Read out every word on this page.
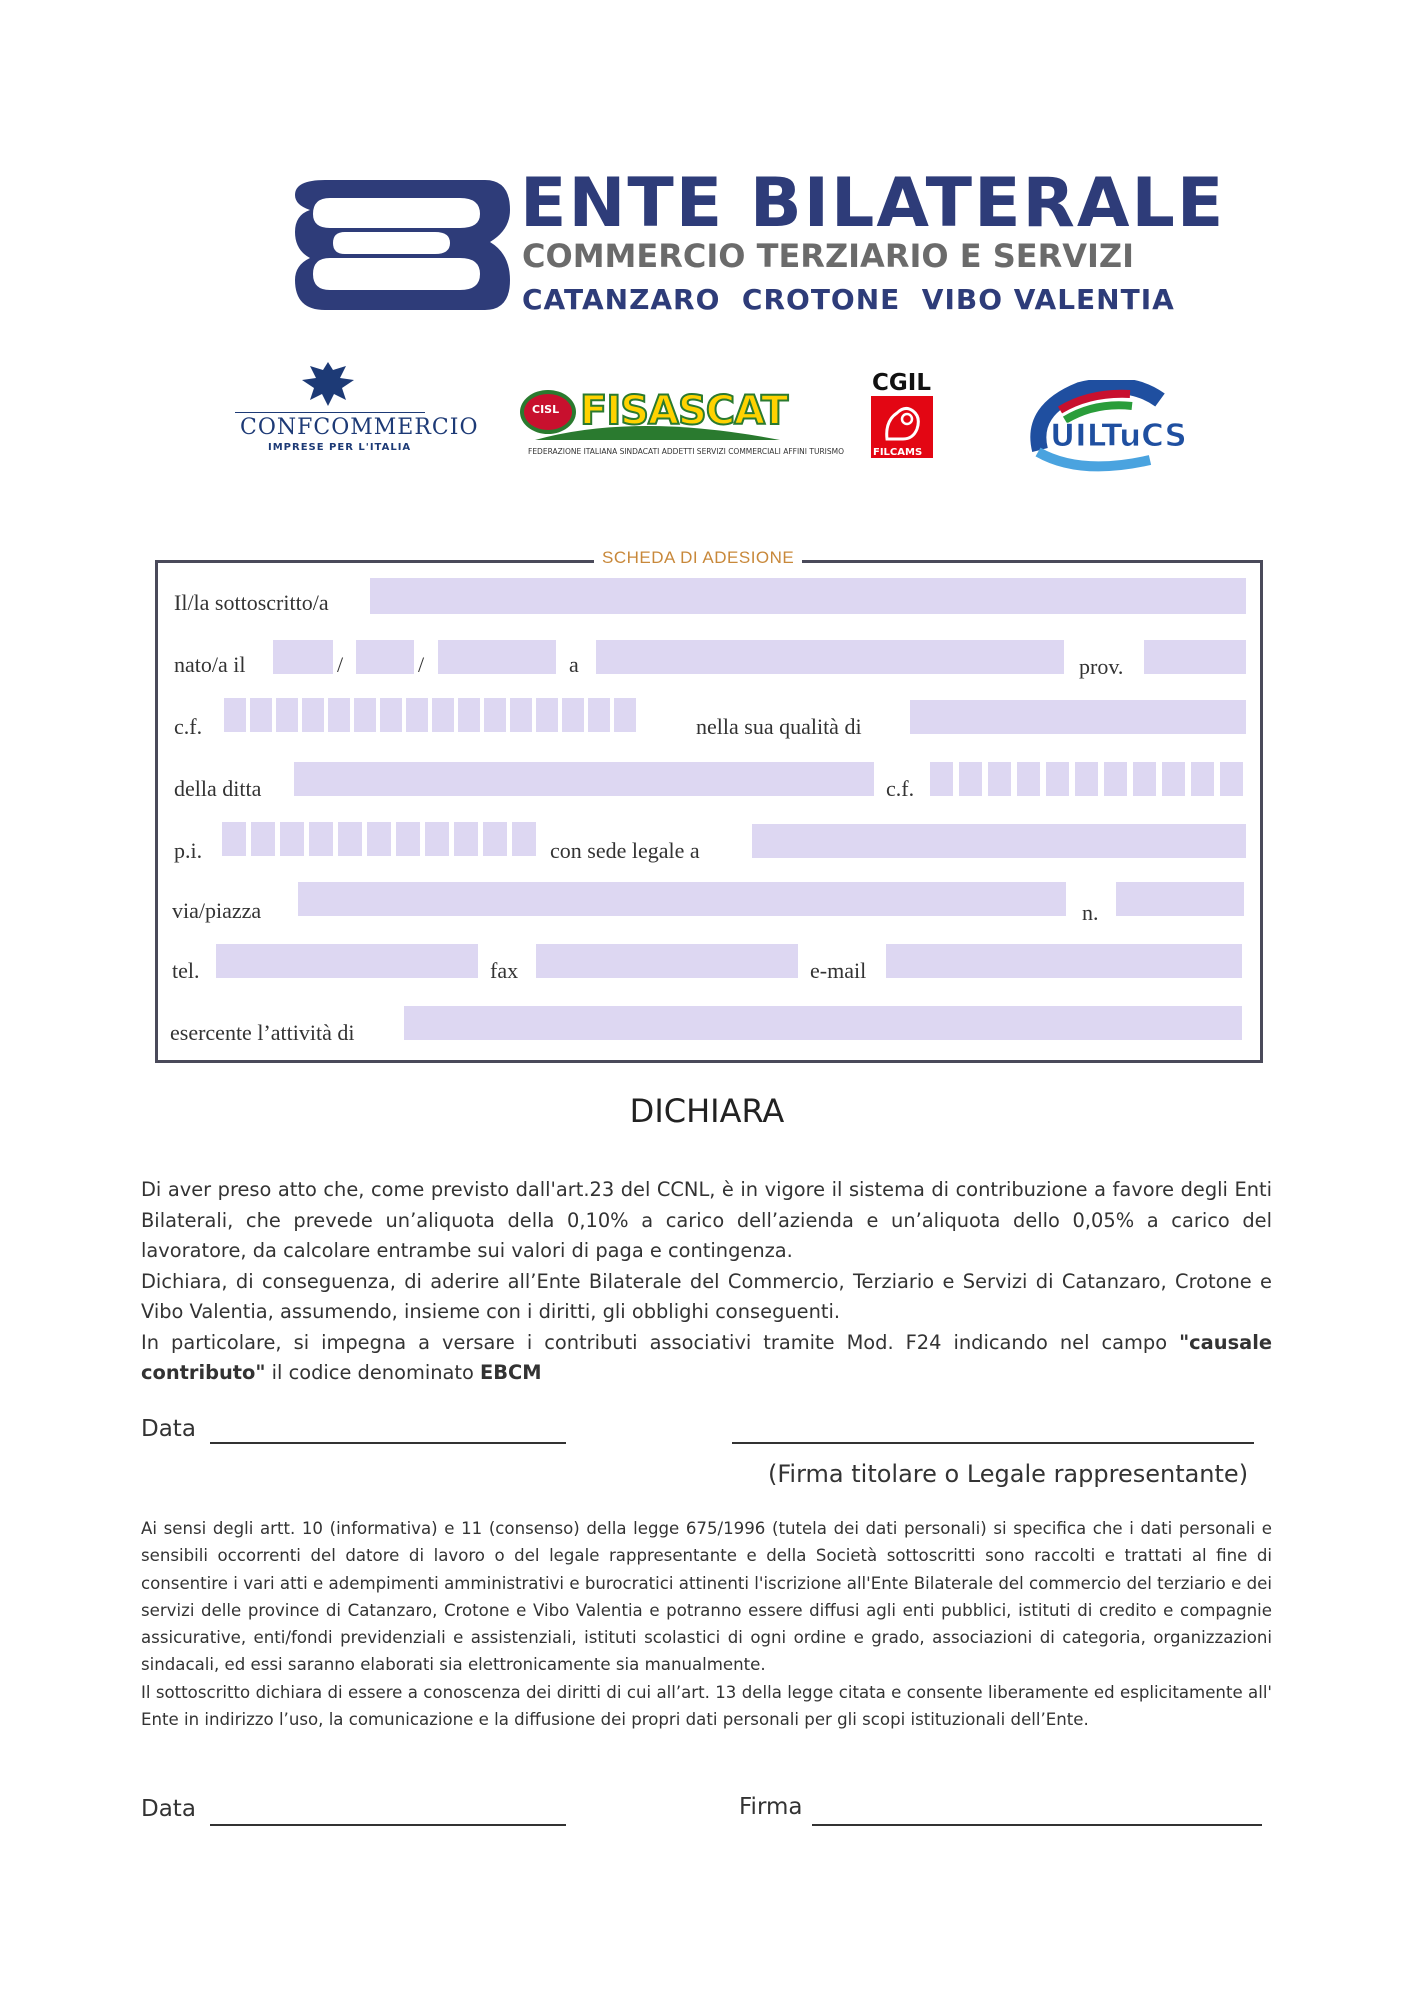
ENTE BILATERALE
COMMERCIO TERZIARIO E SERVIZI
CATANZARO  CROTONE  VIBO VALENTIA
CONFCOMMERCIO
IMPRESE PER L'ITALIA
CISL FISASCAT
FEDERAZIONE ITALIANA SINDACATI ADDETTI SERVIZI COMMERCIALI AFFINI TURISMO
CGIL
FILCAMS	UILTuCS
SCHEDA DI ADESIONE
Il/la sottoscritto/a
nato/a il	/	/	a	prov.
c.f.	nella sua qualità di
della ditta	c.f.
p.i.	con sede legale a
via/piazza	n.
tel.	fax	e-mail
esercente l’attività di
DICHIARA

Di aver preso atto che, come previsto dall'art.23 del CCNL, è in vigore il sistema di contribuzione a favore degli Enti Bilaterali, che prevede un’aliquota della 0,10% a carico dell’azienda e un’aliquota dello 0,05% a carico del lavoratore, da calcolare entrambe sui valori di paga e contingenza.

Dichiara, di conseguenza, di aderire all’Ente Bilaterale del Commercio, Terziario e Servizi di Catanzaro, Crotone e Vibo Valentia, assumendo, insieme con i diritti, gli obblighi conseguenti.

In particolare, si impegna a versare i contributi associativi tramite Mod. F24 indicando nel campo "causale contributo" il codice denominato EBCM

Data
(Firma titolare o Legale rappresentante)

Ai sensi degli artt. 10 (informativa) e 11 (consenso) della legge 675/1996 (tutela dei dati personali) si specifica che i dati personali e sensibili occorrenti del datore di lavoro o del legale rappresentante e della Società sottoscritti sono raccolti e trattati al fine di consentire i vari atti e adempimenti amministrativi e burocratici attinenti l'iscrizione all'Ente Bilaterale del commercio del terziario e dei servizi delle province di Catanzaro, Crotone e Vibo Valentia e potranno essere diffusi agli enti pubblici, istituti di credito e compagnie assicurative, enti/fondi previdenziali e assistenziali, istituti scolastici di ogni ordine e grado, associazioni di categoria, organizzazioni sindacali, ed essi saranno elaborati sia elettronicamente sia manualmente.

Il sottoscritto dichiara di essere a conoscenza dei diritti di cui all’art. 13 della legge citata e consente liberamente ed esplicitamente all' Ente in indirizzo l’uso, la comunicazione e la diffusione dei propri dati personali per gli scopi istituzionali dell’Ente.

Data	Firma
